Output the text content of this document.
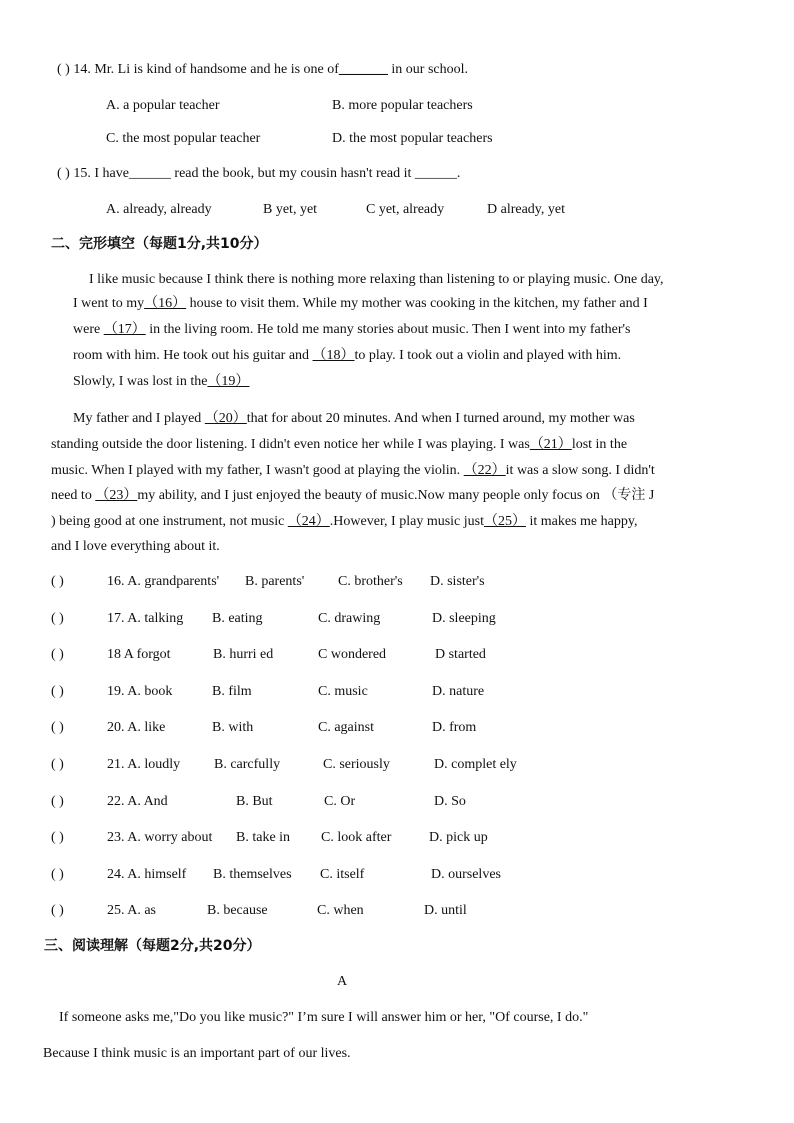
( ) 14. Mr. Li is kind of handsome and he is one of_______ in our school.
A. a popular teacher	B. more popular teachers
C. the most popular teacher	D. the most popular teachers
( ) 15. I have______ read the book, but my cousin hasn't read it ______.
A. already, already	B yet, yet	C yet, already	D already, yet
二、完形填空（每题1分,共10分）
I like music because I think there is nothing more relaxing than listening to or playing music. One day,
I went to my（16） house to visit them. While my mother was cooking in the kitchen, my father and I
were （17） in the living room. He told me many stories about music. Then I went into my father's
room with him. He took out his guitar and （18）to play. I took out a violin and played with him.
Slowly, I was lost in the（19）
My father and I played （20）that for about 20 minutes. And when I turned around, my mother was
standing outside the door listening. I didn't even notice her while I was playing. I was（21）lost in the
music. When I played with my father, I wasn't good at playing the violin. （22）it was a slow song. I didn't
need to （23）my ability, and I just enjoyed the beauty of music.Now many people only focus on （专注 J
) being good at one instrument, not music （24）.However, I play music just（25） it makes me happy,
and I love everything about it.
( )	16. A. grandparents' B. parents' C. brother's D. sister's
( )	17. A. talking B. eating	C. drawing	D. sleeping
( )	18 A forgot	B. hurri ed	C wondered	D started
( )	19. A. book	B. film	C. music	D. nature
( )	20. A. like	B. with	C. against	D. from
( )	21. A. loudly B. carcfully	C. seriously	D. complet ely
( )	22. A. And	B. But	C. Or	D. So
( )	23. A. worry about B. take in C. look after	D. pick up
( )	24. A. himself B. themselves C. itself	D. ourselves
( )	25. A. as	B. because	C. when	D. until
三、阅读理解（每题2分,共20分）
A
If someone asks me,"Do you like music?" I’m sure I will answer him or her, "Of course, I do."
Because I think music is an important part of our lives.
